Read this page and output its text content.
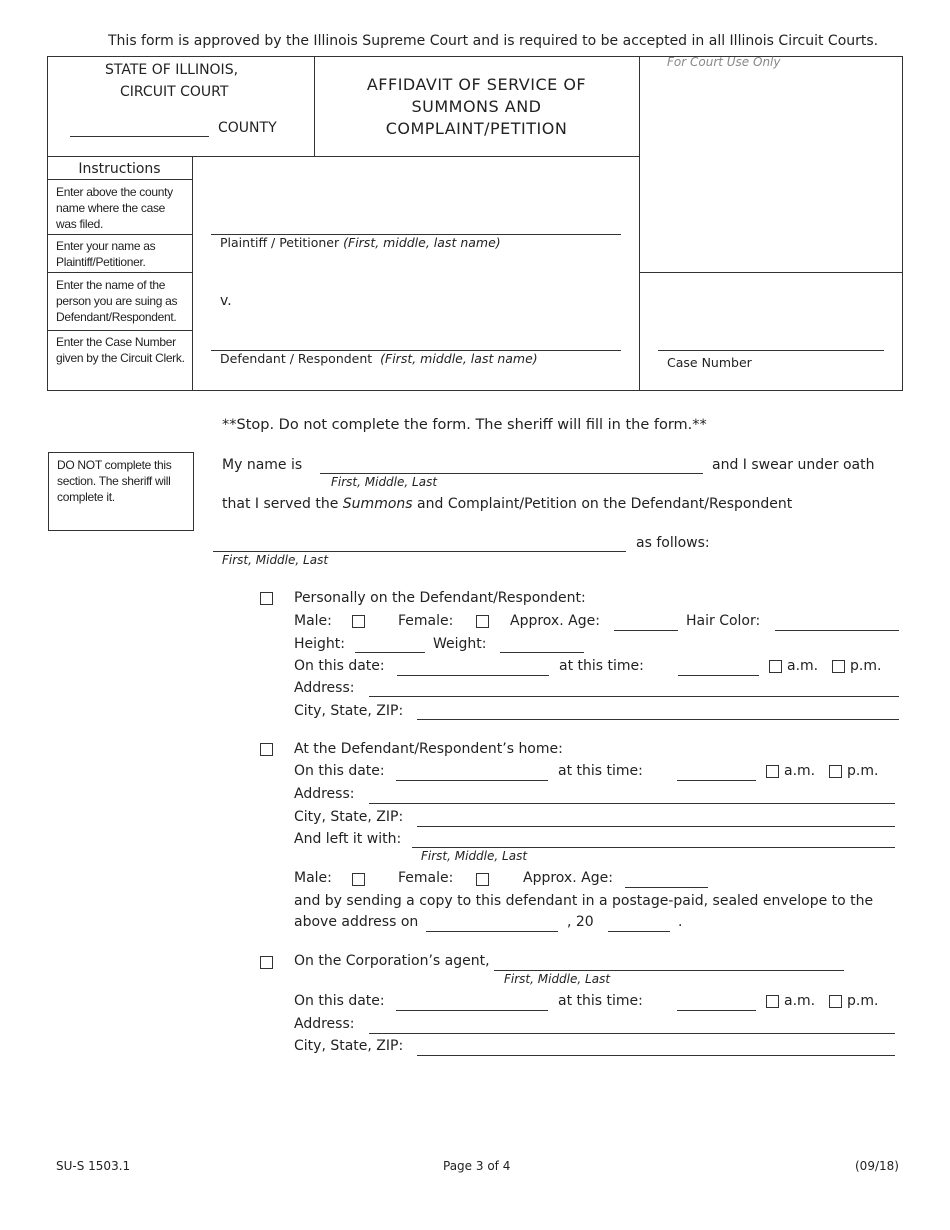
This form is approved by the Illinois Supreme Court and is required to be accepted in all Illinois Circuit Courts.
STATE OF ILLINOIS,
CIRCUIT COURT
COUNTY
AFFIDAVIT OF SERVICE OF
SUMMONS AND
COMPLAINT/PETITION
For Court Use Only
Instructions
Enter above the county name where the case was filed.
Enter your name as Plaintiff/Petitioner.
Enter the name of the person you are suing as Defendant/Respondent.
Enter the Case Number given by the Circuit Clerk.
Plaintiff / Petitioner (First, middle, last name)
v.
Defendant / Respondent (First, middle, last name)	Case Number
**Stop. Do not complete the form. The sheriff will fill in the form.**
DO NOT complete this section. The sheriff will complete it.
My name is
First, Middle, Last
and I swear under oath
that I served the Summons and Complaint/Petition on the Defendant/Respondent
First, Middle, Last
as follows:
Personally on the Defendant/Respondent:
Male:	Female:	Approx. Age:	Hair Color:
Height:	Weight:
On this date:	at this time:	a.m. p.m.
Address:
City, State, ZIP:
At the Defendant/Respondent’s home:
On this date:	at this time:	a.m. p.m.
Address:
City, State, ZIP:
And left it with:
First, Middle, Last
Male:	Female:	Approx. Age:
and by sending a copy to this defendant in a postage-paid, sealed envelope to the
above address on	, 20	.
On the Corporation’s agent,
First, Middle, Last
On this date:	at this time:	a.m. p.m.
Address:
City, State, ZIP:
SU-S 1503.1	Page 3 of 4	(09/18)
